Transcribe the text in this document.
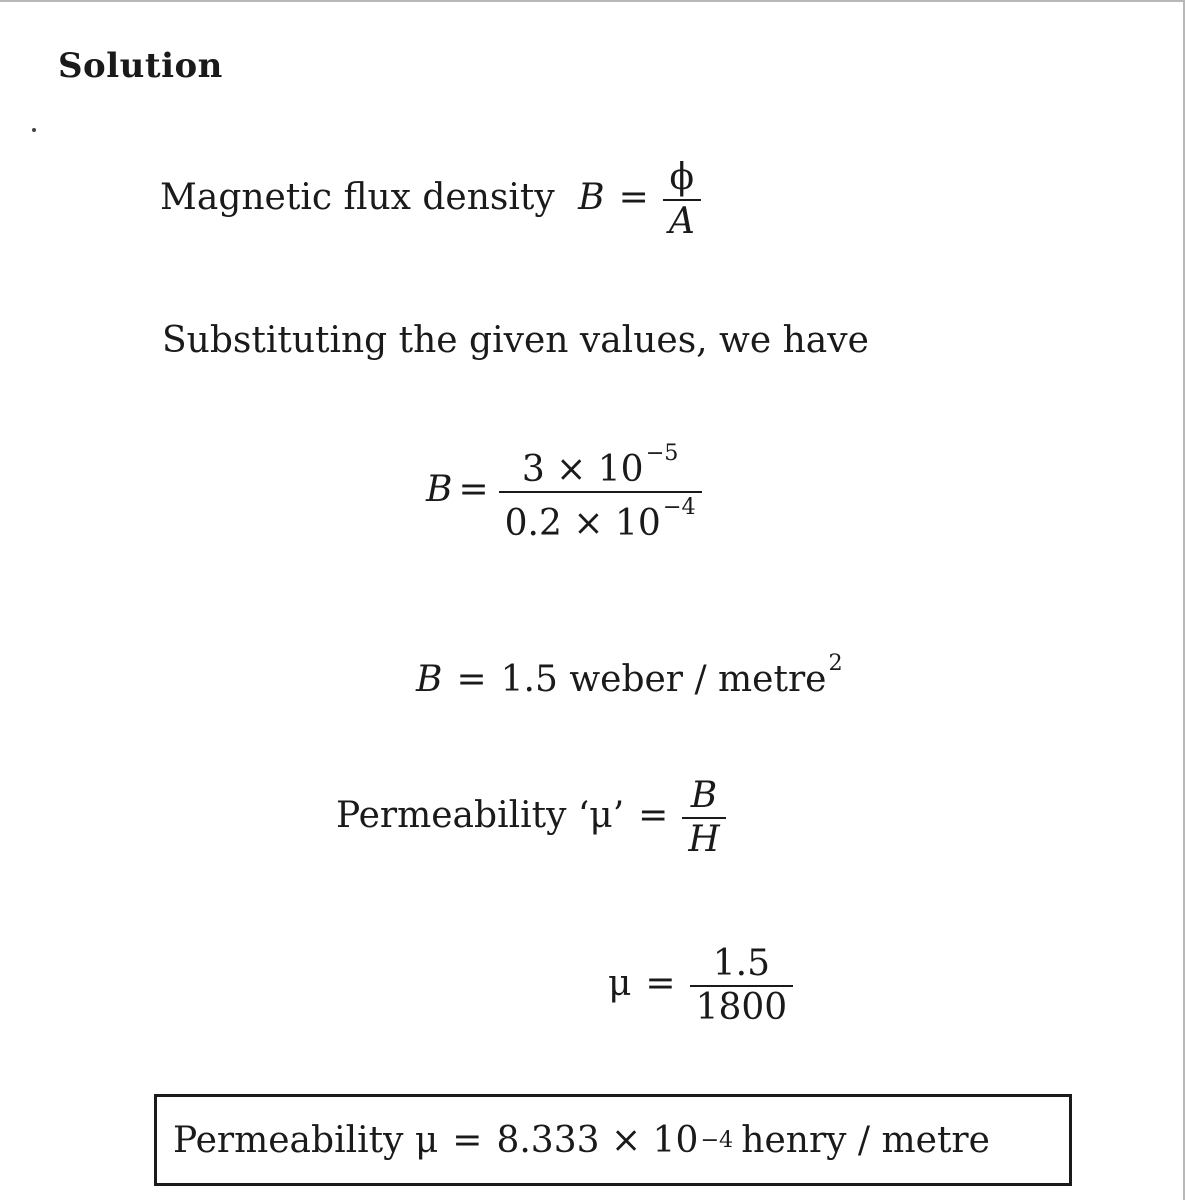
Solution
Magnetic flux density $B = \frac{\phi}{A}$
Substituting the given values, we have
$B = \frac{3 \times 10^{-5}}{0.2 \times 10^{-4}}$
B = 1.5 weber / metre$^2$
Permeability ‘μ’ = $\frac{B}{H}$
$\mu = \frac{1.5}{1800}$
Permeability μ = 8.333 × 10 −4 henry / metre
